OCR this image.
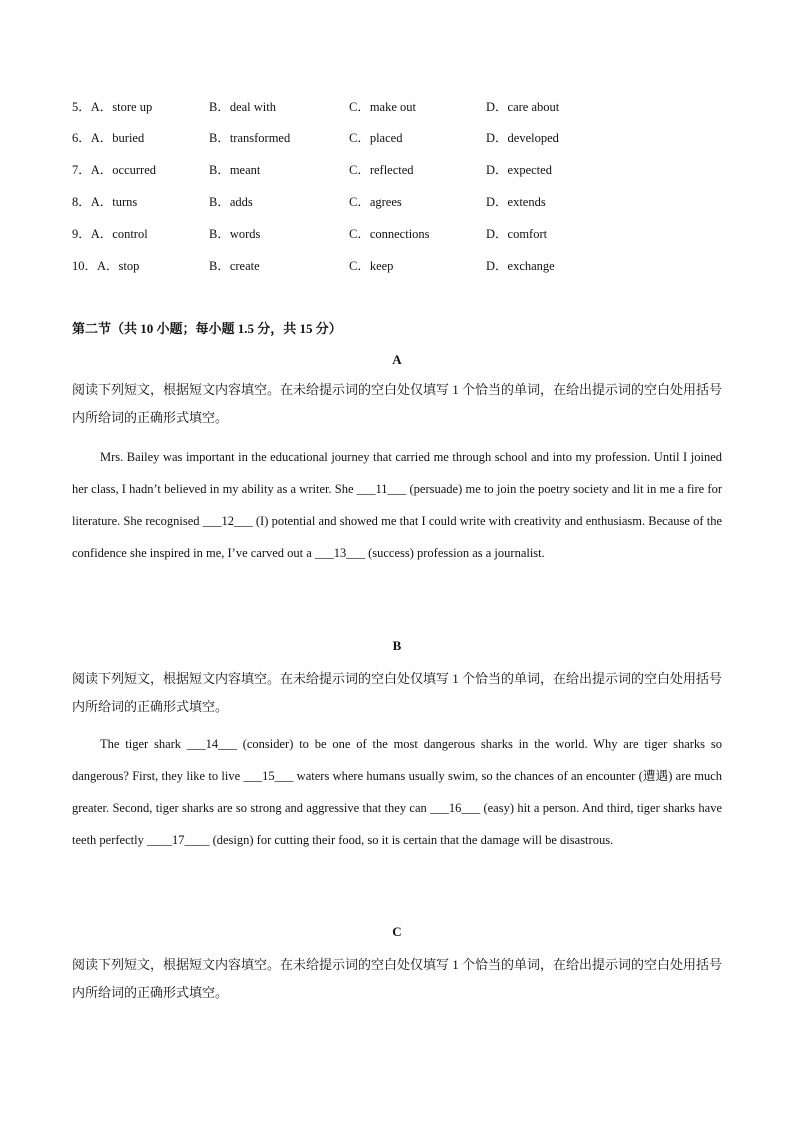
5．A．store up	B．deal with	C．make out	D．care about
6．A．buried	B．transformed	C．placed	D．developed
7．A．occurred	B．meant	C．reflected	D．expected
8．A．turns	B．adds	C．agrees	D．extends
9．A．control	B．words	C．connections	D．comfort
10．A．stop	B．create	C．keep	D．exchange
第二节（共 10 小题；每小题 1.5 分，共 15 分）
A
阅读下列短文，根据短文内容填空。在未给提示词的空白处仅填写 1 个恰当的单词，在给出提示词的空白处用括号内所给词的正确形式填空。
Mrs. Bailey was important in the educational journey that carried me through school and into my profession. Until I joined her class, I hadn’t believed in my ability as a writer. She ___11___ (persuade) me to join the poetry society and lit in me a fire for literature. She recognised ___12___ (I) potential and showed me that I could write with creativity and enthusiasm. Because of the confidence she inspired in me, I’ve carved out a ___13___ (success) profession as a journalist.
B
阅读下列短文，根据短文内容填空。在未给提示词的空白处仅填写 1 个恰当的单词，在给出提示词的空白处用括号内所给词的正确形式填空。
The tiger shark ___14___ (consider) to be one of the most dangerous sharks in the world. Why are tiger sharks so dangerous? First, they like to live ___15___ waters where humans usually swim, so the chances of an encounter (遭遇) are much greater. Second, tiger sharks are so strong and aggressive that they can ___16___ (easy) hit a person. And third, tiger sharks have teeth perfectly ____17____ (design) for cutting their food, so it is certain that the damage will be disastrous.
C
阅读下列短文，根据短文内容填空。在未给提示词的空白处仅填写 1 个恰当的单词，在给出提示词的空白处用括号内所给词的正确形式填空。
